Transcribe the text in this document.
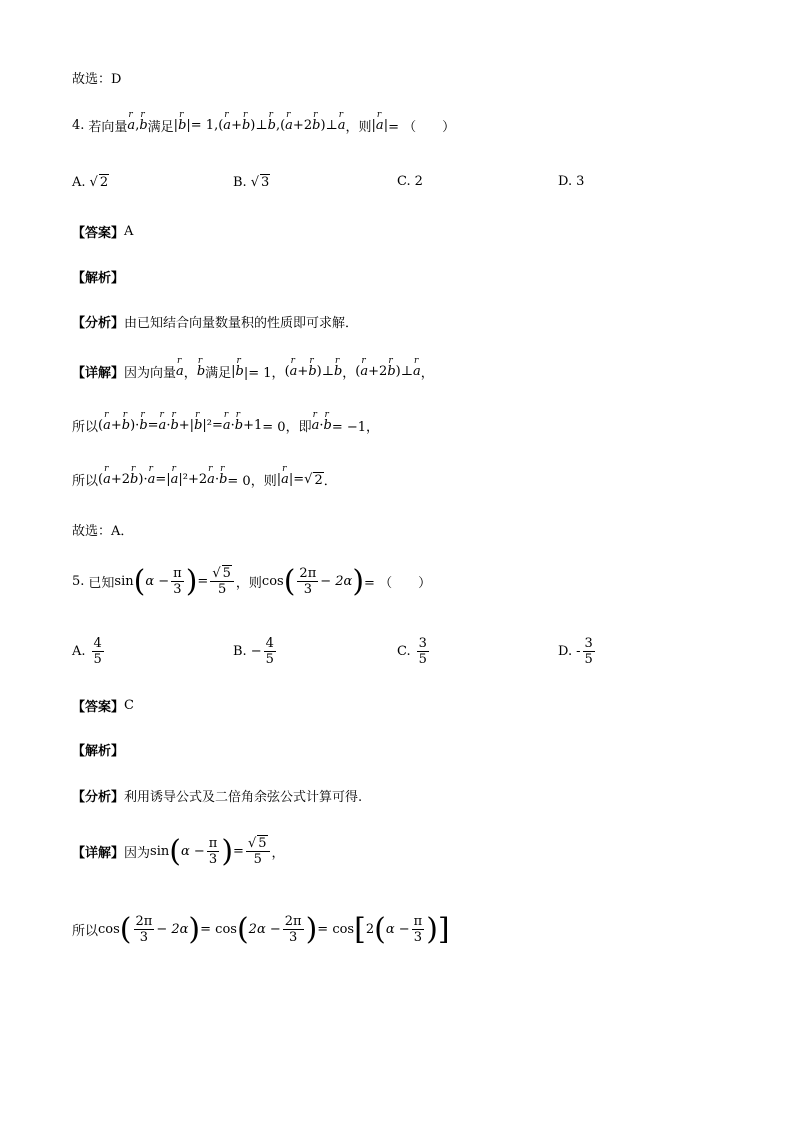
故选：D
4. 若向量
r
a ,
r
b 满足 |
r
b | = 1, (
r
a +
r
b ) ⊥
r
b , (
r
a + 2
r
b ) ⊥
r
a ，则 |
r
a | = （　　）
A. √ 2	B. √ 3	C. 2	D. 3
【答案】 A
【解析】
【分析】 由已知结合向量数量积的性质即可求解．
【详解】 因为向量
r
a ，
r
b 满足 |
r
b |= 1， (
r
a +
r
b ) ⊥
r
b ， (
r
a + 2
r
b ) ⊥
r
a ，
所以 (
r
a +
r
b )·
r
b =
r
a ·
r
b +|
r
b |²=
r
a ·
r
b +1 = 0，即
r
a ·
r
b = −1，
所以 (
r
a + 2
r
b )·
r
a =|
r
a |²+2
r
a ·
r
b = 0，则 |
r
a |= √ 2 ．
故选：A．
5. 已知 sin ( $\alpha - \frac{\pi}{3}$ ) = $\frac{√ 5}{5}$ ，则 cos ( $\frac{2\pi}{3} - 2\alpha$ ) = （　　）
A. $\frac{4}{5}$	B. − $\frac{4}{5}$	C. $\frac{3}{5}$	D. - $\frac{3}{5}$
【答案】 C
【解析】
【分析】 利用诱导公式及二倍角余弦公式计算可得.
【详解】 因为 sin ( $\alpha - \frac{\pi}{3}$ ) = $\frac{√ 5}{5}$ ，
所以 cos ( $\frac{2\pi}{3} - 2\alpha$ ) = cos ( $2\alpha - \frac{2\pi}{3}$ ) = cos [ 2 ( $\alpha - \frac{\pi}{3}$ )]
